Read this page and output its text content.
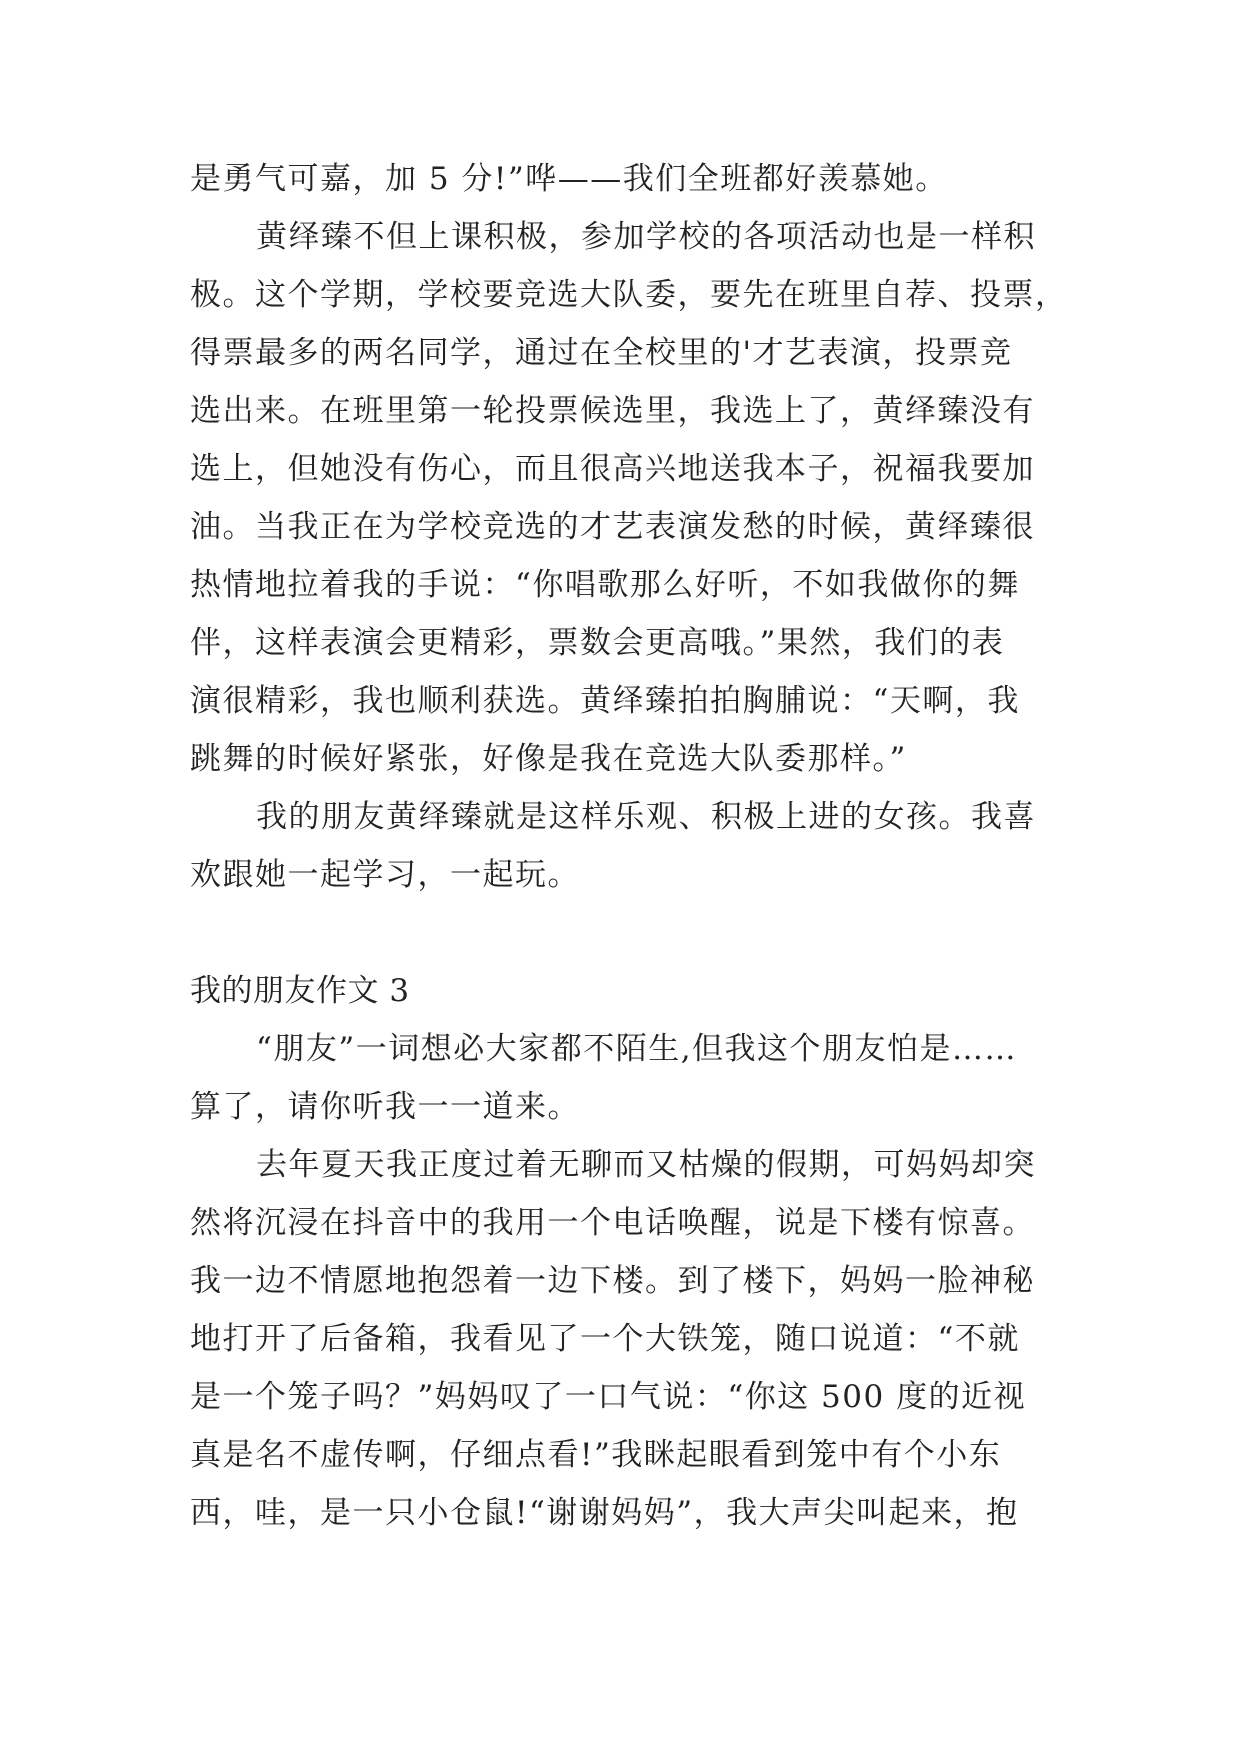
是勇气可嘉，加 5 分!”哗——我们全班都好羡慕她。
黄绎臻不但上课积极，参加学校的各项活动也是一样积
极。这个学期，学校要竞选大队委，要先在班里自荐、投票，
得票最多的两名同学，通过在全校里的'才艺表演，投票竞
选出来。在班里第一轮投票候选里，我选上了，黄绎臻没有
选上，但她没有伤心，而且很高兴地送我本子，祝福我要加
油。当我正在为学校竞选的才艺表演发愁的时候，黄绎臻很
热情地拉着我的手说：“你唱歌那么好听，不如我做你的舞
伴，这样表演会更精彩，票数会更高哦。”果然，我们的表
演很精彩，我也顺利获选。黄绎臻拍拍胸脯说：“天啊，我
跳舞的时候好紧张，好像是我在竞选大队委那样。”
我的朋友黄绎臻就是这样乐观、积极上进的女孩。我喜
欢跟她一起学习，一起玩。
我的朋友作文 3
“朋友”一词想必大家都不陌生,但我这个朋友怕是……
算了，请你听我一一道来。
去年夏天我正度过着无聊而又枯燥的假期，可妈妈却突
然将沉浸在抖音中的我用一个电话唤醒，说是下楼有惊喜。
我一边不情愿地抱怨着一边下楼。到了楼下，妈妈一脸神秘
地打开了后备箱，我看见了一个大铁笼，随口说道：“不就
是一个笼子吗？”妈妈叹了一口气说：“你这 500 度的近视
真是名不虚传啊，仔细点看!”我眯起眼看到笼中有个小东
西，哇，是一只小仓鼠!“谢谢妈妈”，我大声尖叫起来，抱
